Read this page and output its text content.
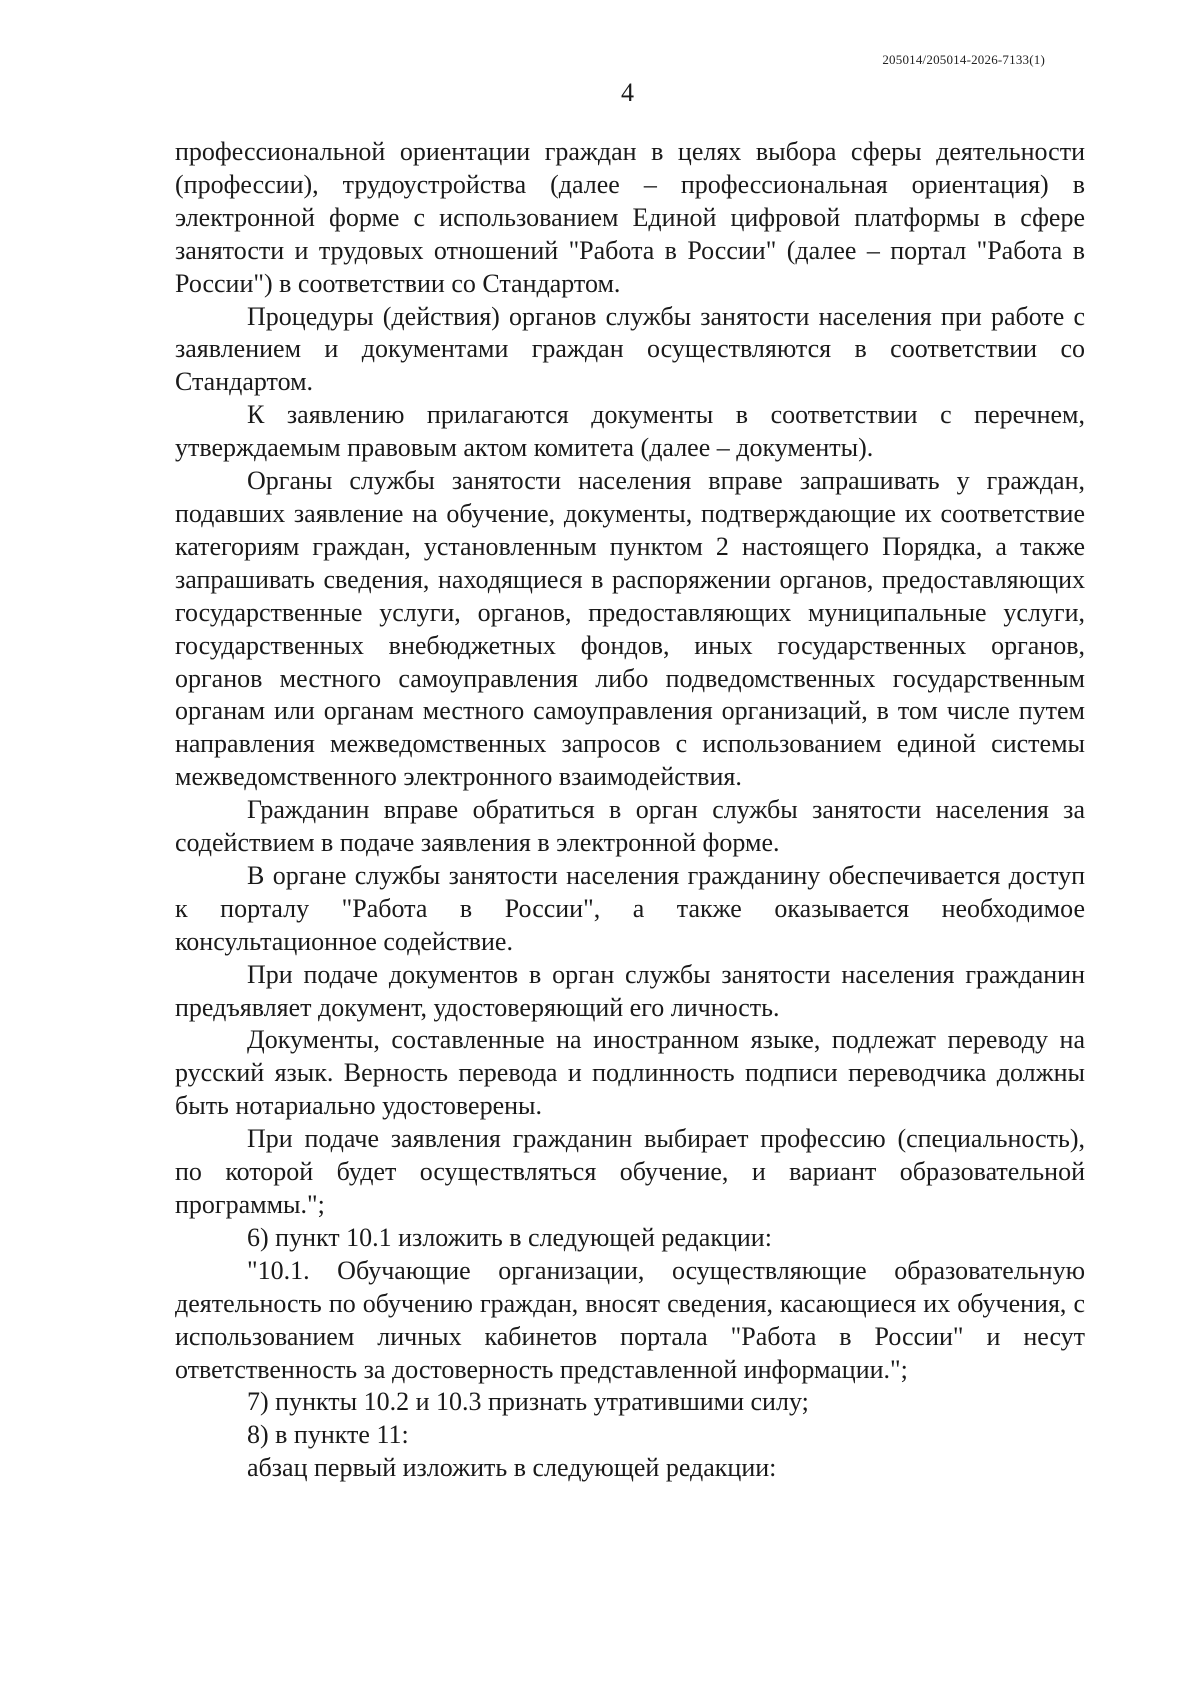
205014/205014-2026-7133(1)
4

профессиональной ориентации граждан в целях выбора сферы деятельности (профессии), трудоустройства (далее – профессиональная ориентация) в электронной форме с использованием Единой цифровой платформы в сфере занятости и трудовых отношений "Работа в России" (далее – портал "Работа в России") в соответствии со Стандартом.

Процедуры (действия) органов службы занятости населения при работе с заявлением и документами граждан осуществляются в соответствии со Стандартом.

К заявлению прилагаются документы в соответствии с перечнем, утверждаемым правовым актом комитета (далее – документы).

Органы службы занятости населения вправе запрашивать у граждан, подавших заявление на обучение, документы, подтверждающие их соответствие категориям граждан, установленным пунктом 2 настоящего Порядка, а также запрашивать сведения, находящиеся в распоряжении органов, предоставляющих государственные услуги, органов, предоставляющих муниципальные услуги, государственных внебюджетных фондов, иных государственных органов, органов местного самоуправления либо подведомственных государственным органам или органам местного самоуправления организаций, в том числе путем направления межведомственных запросов с использованием единой системы межведомственного электронного взаимодействия.

Гражданин вправе обратиться в орган службы занятости населения за содействием в подаче заявления в электронной форме.

В органе службы занятости населения гражданину обеспечивается доступ к порталу "Работа в России", а также оказывается необходимое консультационное содействие.

При подаче документов в орган службы занятости населения гражданин предъявляет документ, удостоверяющий его личность.

Документы, составленные на иностранном языке, подлежат переводу на русский язык. Верность перевода и подлинность подписи переводчика должны быть нотариально удостоверены.

При подаче заявления гражданин выбирает профессию (специальность), по которой будет осуществляться обучение, и вариант образовательной программы.";

6) пункт 10.1 изложить в следующей редакции:

"10.1. Обучающие организации, осуществляющие образовательную деятельность по обучению граждан, вносят сведения, касающиеся их обучения, с использованием личных кабинетов портала "Работа в России" и несут ответственность за достоверность представленной информации.";

7) пункты 10.2 и 10.3 признать утратившими силу;

8) в пункте 11:

абзац первый изложить в следующей редакции:
